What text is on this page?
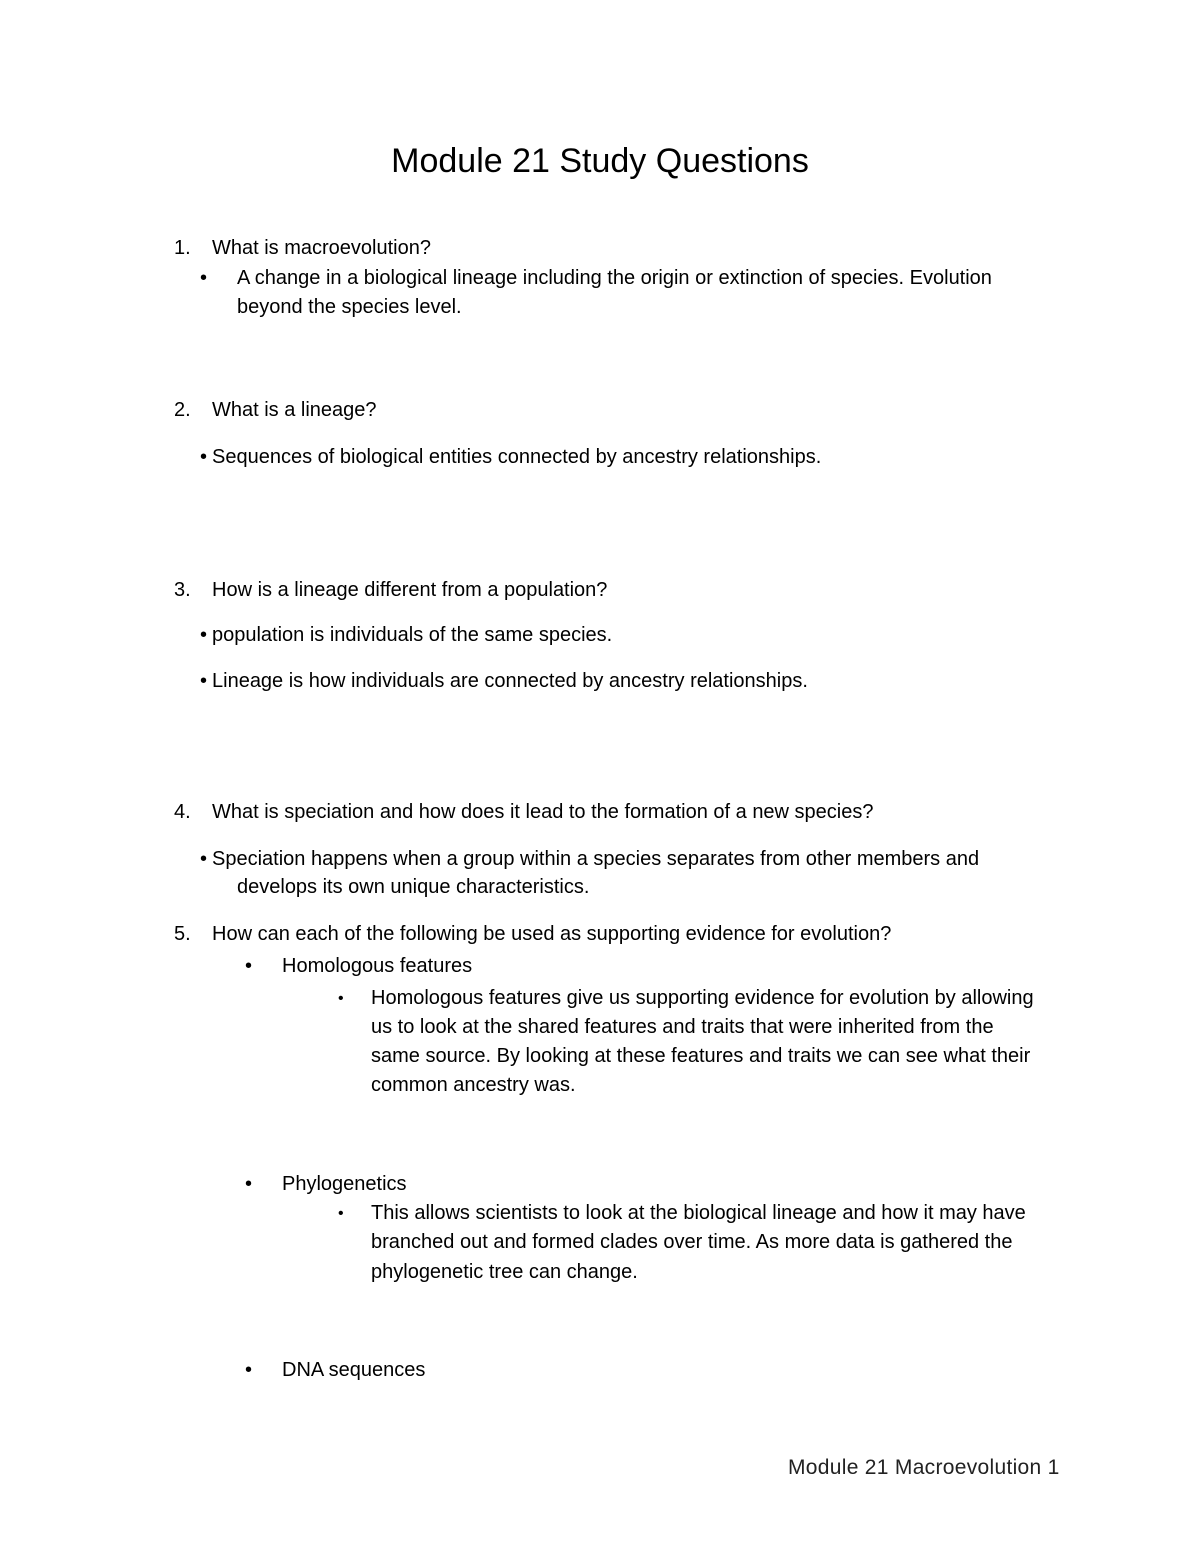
Module 21 Study Questions
1. What is macroevolution?
• A change in a biological lineage including the origin or extinction of species. Evolution
beyond the species level.
2. What is a lineage?
• Sequences of biological entities connected by ancestry relationships.
3. How is a lineage different from a population?
• population is individuals of the same species.
• Lineage is how individuals are connected by ancestry relationships.
4. What is speciation and how does it lead to the formation of a new species?
• Speciation happens when a group within a species separates from other members and
develops its own unique characteristics.
5. How can each of the following be used as supporting evidence for evolution?
• Homologous features
• Homologous features give us supporting evidence for evolution by allowing
us to look at the shared features and traits that were inherited from the
same source. By looking at these features and traits we can see what their
common ancestry was.
• Phylogenetics
• This allows scientists to look at the biological lineage and how it may have
branched out and formed clades over time. As more data is gathered the
phylogenetic tree can change.
• DNA sequences
Module 21 Macroevolution 1
